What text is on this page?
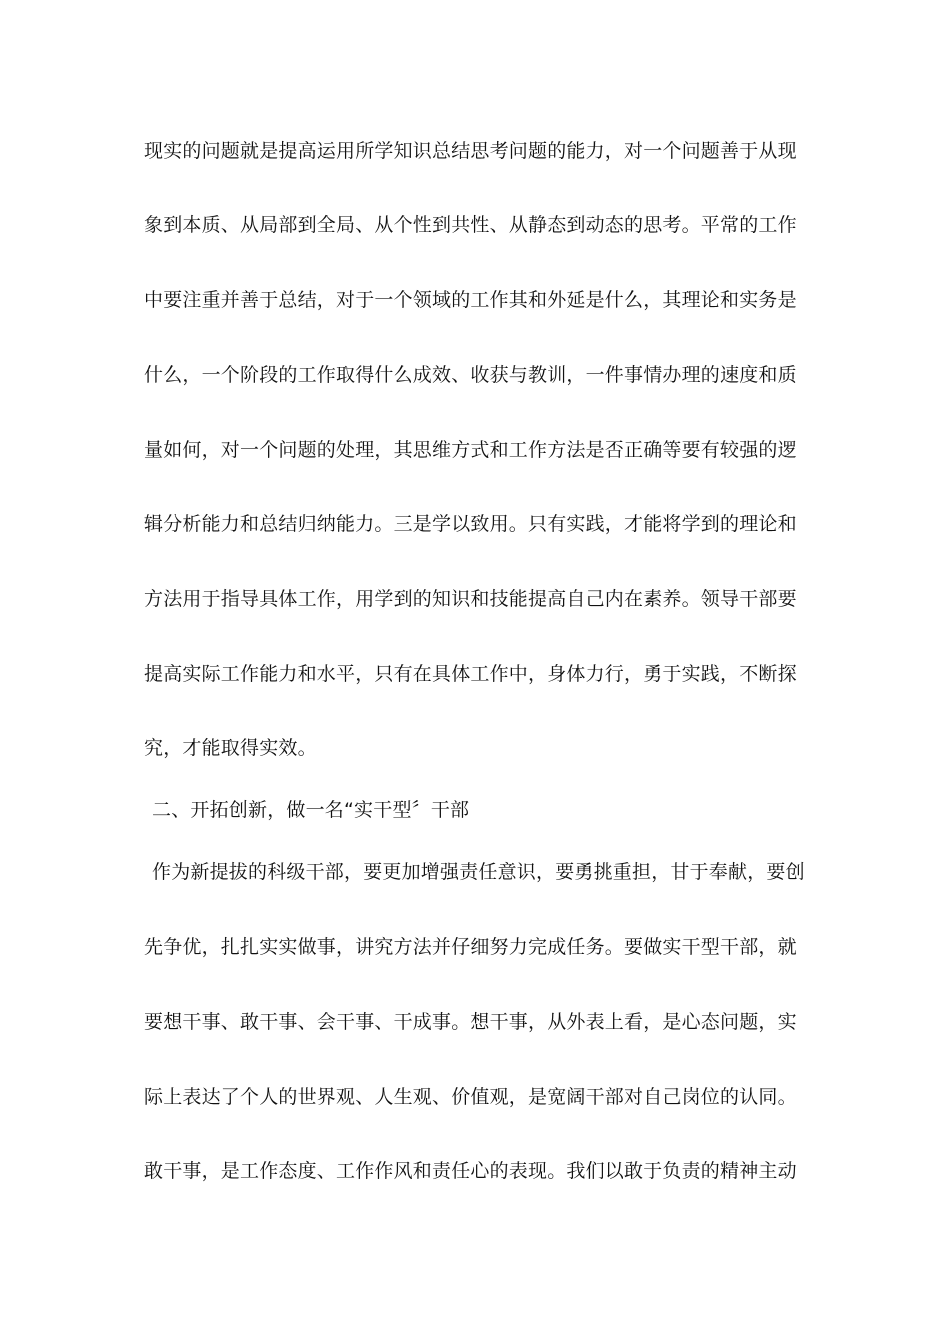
现实的问题就是提高运用所学知识总结思考问题的能力，对一个问题善于从现
象到本质、从局部到全局、从个性到共性、从静态到动态的思考。平常的工作
中要注重并善于总结，对于一个领域的工作其和外延是什么，其理论和实务是
什么，一个阶段的工作取得什么成效、收获与教训，一件事情办理的速度和质
量如何，对一个问题的处理，其思维方式和工作方法是否正确等要有较强的逻
辑分析能力和总结归纳能力。三是学以致用。只有实践，才能将学到的理论和
方法用于指导具体工作，用学到的知识和技能提高自己内在素养。领导干部要
提高实际工作能力和水平，只有在具体工作中，身体力行，勇于实践，不断探
究，才能取得实效。
二、开拓创新，做一名“实干型〞干部
作为新提拔的科级干部，要更加增强责任意识，要勇挑重担，甘于奉献，要创
先争优，扎扎实实做事，讲究方法并仔细努力完成任务。要做实干型干部，就
要想干事、敢干事、会干事、干成事。想干事，从外表上看，是心态问题，实
际上表达了个人的世界观、人生观、价值观，是宽阔干部对自己岗位的认同。
敢干事，是工作态度、工作作风和责任心的表现。我们以敢于负责的精神主动
